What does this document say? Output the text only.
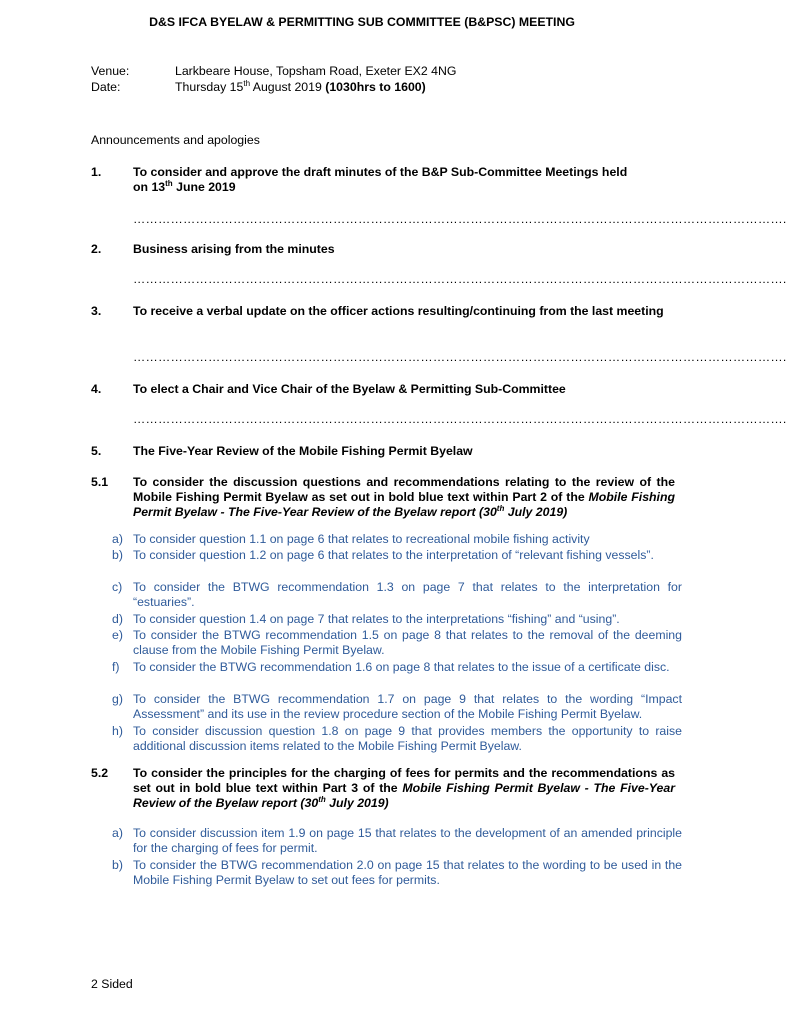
D&S IFCA BYELAW & PERMITTING SUB COMMITTEE (B&PSC) MEETING
Venue:	Larkbeare House, Topsham Road, Exeter EX2 4NG
Date:	Thursday 15th August 2019 (1030hrs to 1600)
Announcements and apologies
1.	To consider and approve the draft minutes of the B&P Sub-Committee Meetings held
on 13th June 2019
………………………………………………………………………………………………………………………………………….
2.	Business arising from the minutes
………………………………………………………………………………………………………………………………………….
3.	To receive a verbal update on the officer actions resulting/continuing from the last meeting
………………………………………………………………………………………………………………………………………….
4.	To elect a Chair and Vice Chair of the Byelaw & Permitting Sub-Committee
………………………………………………………………………………………………………………………………………….
5.	The Five-Year Review of the Mobile Fishing Permit Byelaw
5.1 To consider the discussion questions and recommendations relating to the review of the Mobile Fishing Permit Byelaw as set out in bold blue text within Part 2 of the Mobile Fishing Permit Byelaw - The Five-Year Review of the Byelaw report (30th July 2019)
a) To consider question 1.1 on page 6 that relates to recreational mobile fishing activity
b) To consider question 1.2 on page 6 that relates to the interpretation of “relevant fishing vessels”.
c) To consider the BTWG recommendation 1.3 on page 7 that relates to the interpretation for “estuaries”.
d) To consider question 1.4 on page 7 that relates to the interpretations “fishing” and “using”.
e) To consider the BTWG recommendation 1.5 on page 8 that relates to the removal of the deeming clause from the Mobile Fishing Permit Byelaw.
f)	To consider the BTWG recommendation 1.6 on page 8 that relates to the issue of a certificate disc.
g) To consider the BTWG recommendation 1.7 on page 9 that relates to the wording “Impact Assessment” and its use in the review procedure section of the Mobile Fishing Permit Byelaw.
h) To consider discussion question 1.8 on page 9 that provides members the opportunity to raise additional discussion items related to the Mobile Fishing Permit Byelaw.
5.2 To consider the principles for the charging of fees for permits and the recommendations as set out in bold blue text within Part 3 of the Mobile Fishing Permit Byelaw - The Five-Year Review of the Byelaw report (30th July 2019)
a) To consider discussion item 1.9 on page 15 that relates to the development of an amended principle for the charging of fees for permit.
b) To consider the BTWG recommendation 2.0 on page 15 that relates to the wording to be used in the Mobile Fishing Permit Byelaw to set out fees for permits.
2 Sided
